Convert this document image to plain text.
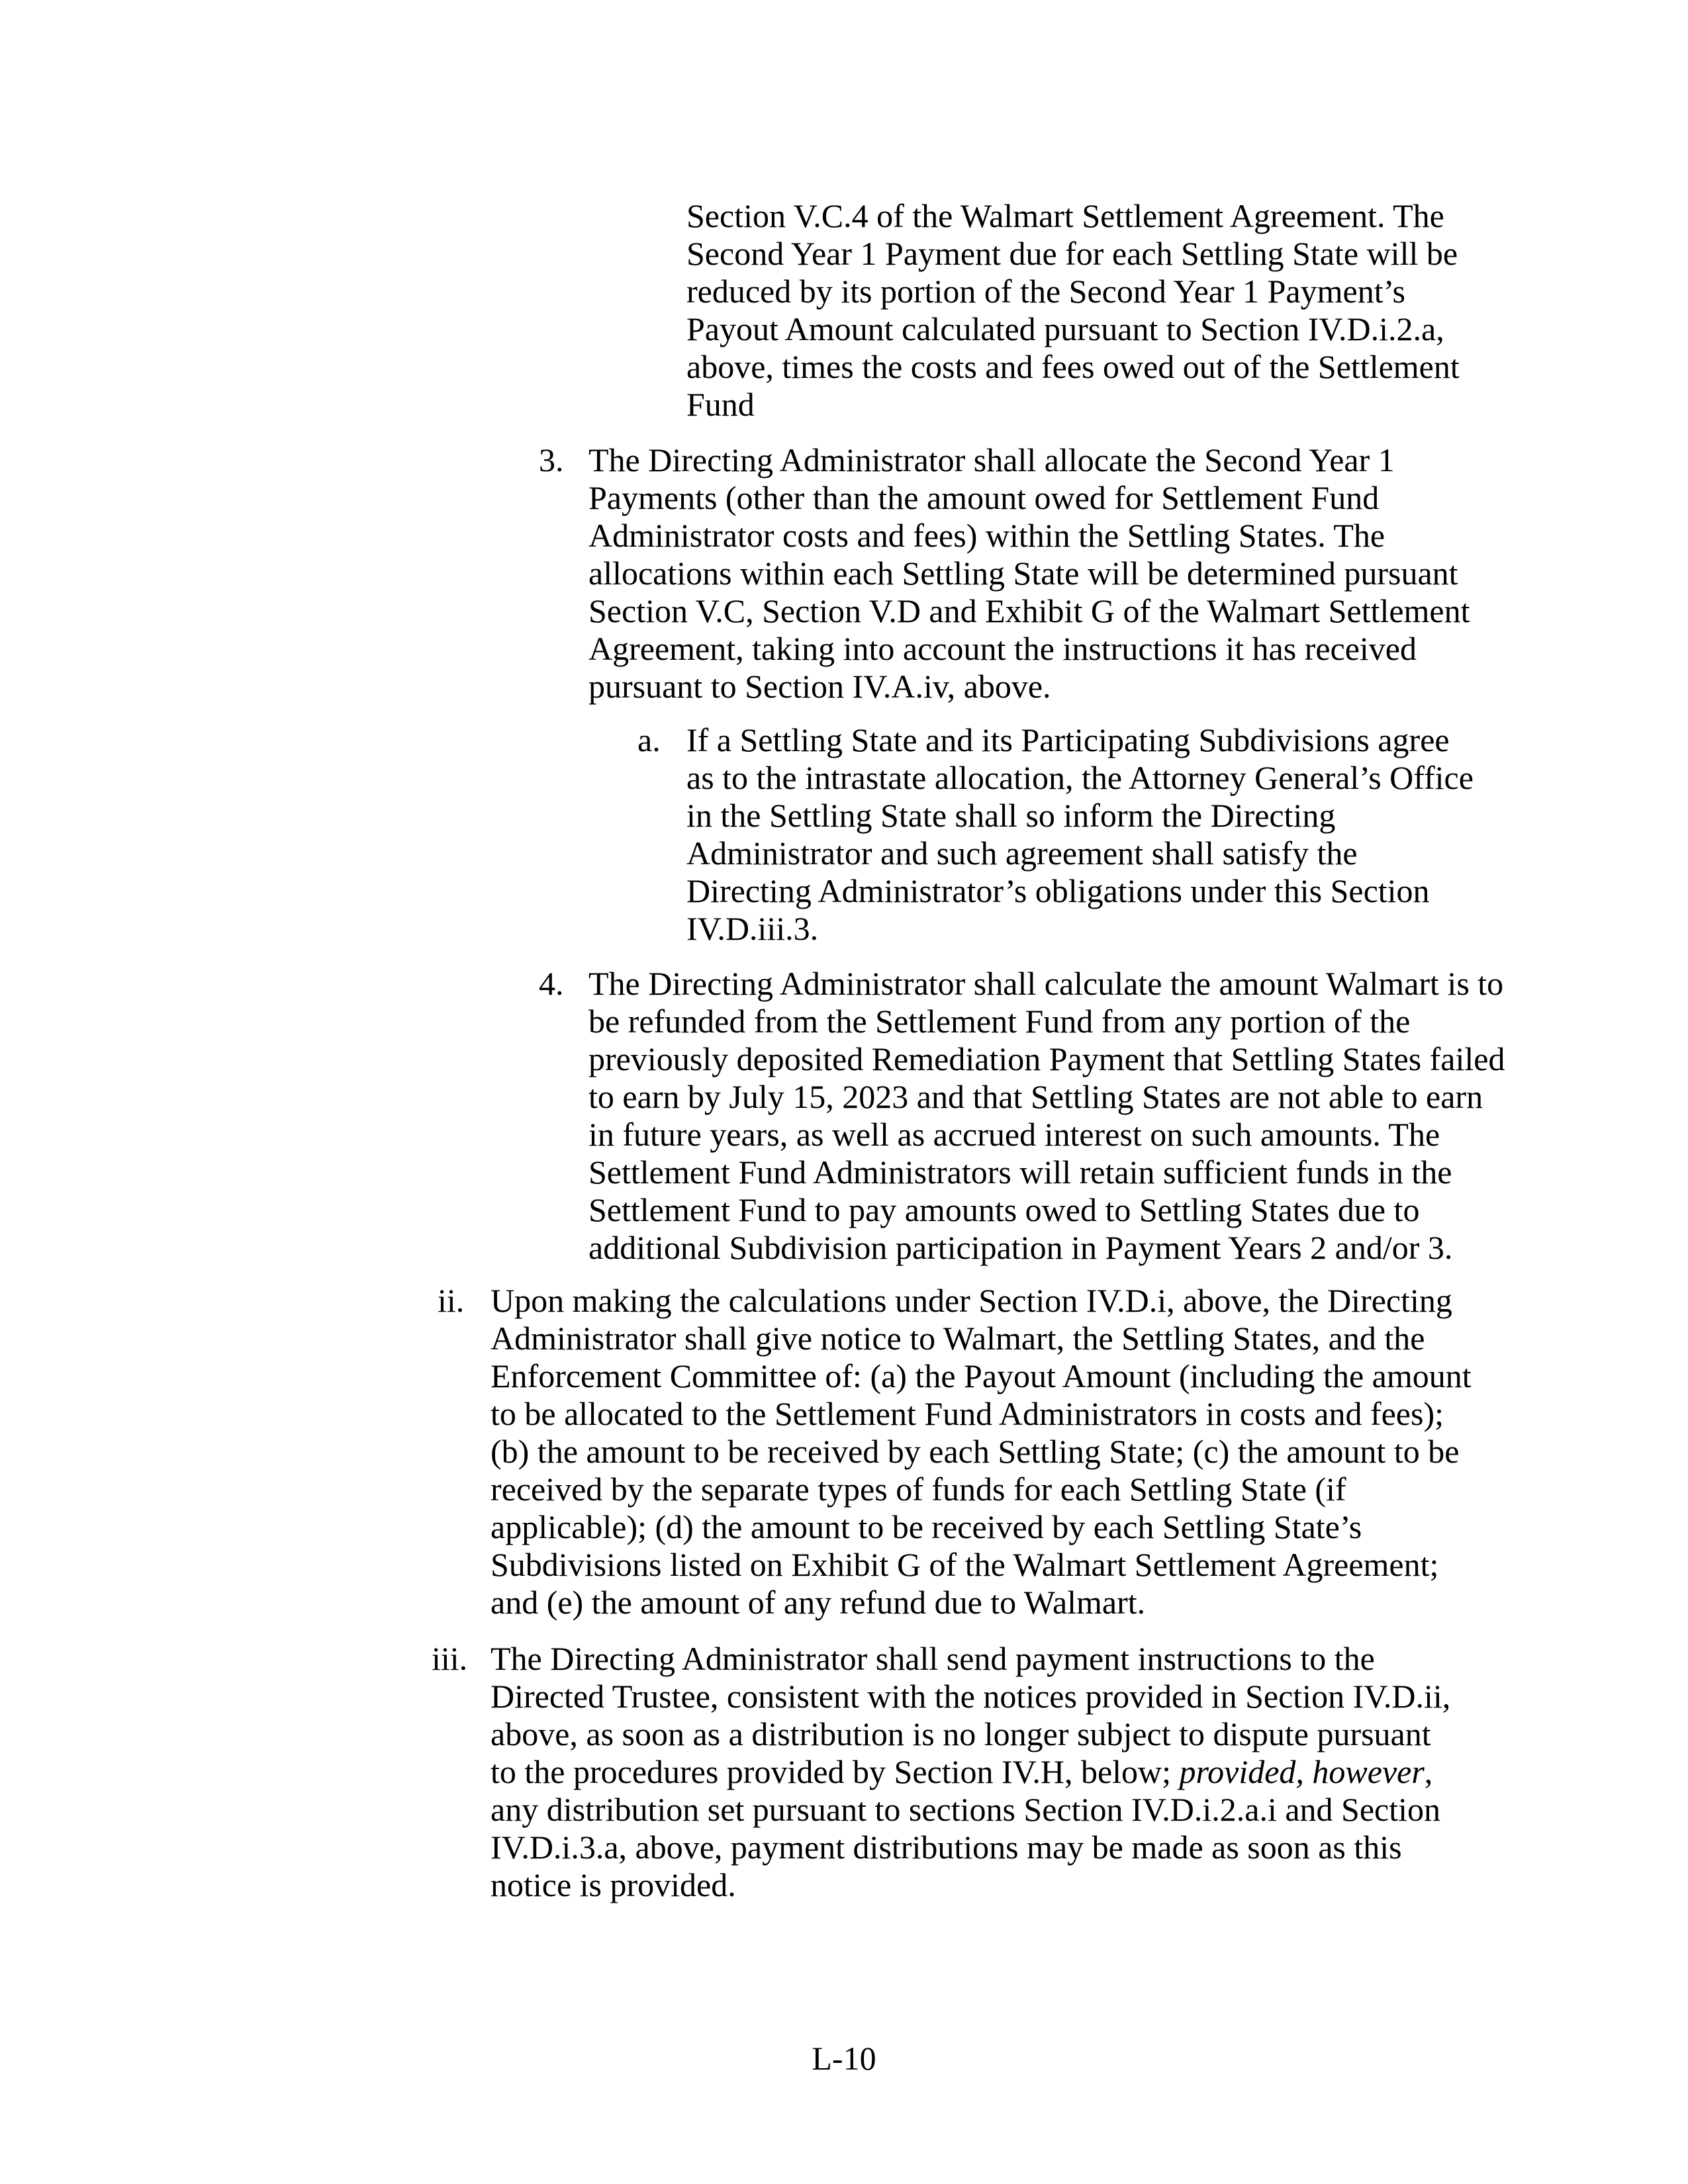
Section V.C.4 of the Walmart Settlement Agreement. The Second Year 1 Payment due for each Settling State will be reduced by its portion of the Second Year 1 Payment’s Payout Amount calculated pursuant to Section IV.D.i.2.a, above, times the costs and fees owed out of the Settlement Fund

3. The Directing Administrator shall allocate the Second Year 1 Payments (other than the amount owed for Settlement Fund Administrator costs and fees) within the Settling States. The allocations within each Settling State will be determined pursuant Section V.C, Section V.D and Exhibit G of the Walmart Settlement Agreement, taking into account the instructions it has received pursuant to Section IV.A.iv, above.

a. If a Settling State and its Participating Subdivisions agree as to the intrastate allocation, the Attorney General’s Office in the Settling State shall so inform the Directing Administrator and such agreement shall satisfy the Directing Administrator’s obligations under this Section IV.D.iii.3.

4. The Directing Administrator shall calculate the amount Walmart is to be refunded from the Settlement Fund from any portion of the previously deposited Remediation Payment that Settling States failed to earn by July 15, 2023 and that Settling States are not able to earn in future years, as well as accrued interest on such amounts. The Settlement Fund Administrators will retain sufficient funds in the Settlement Fund to pay amounts owed to Settling States due to additional Subdivision participation in Payment Years 2 and/or 3.

ii. Upon making the calculations under Section IV.D.i, above, the Directing Administrator shall give notice to Walmart, the Settling States, and the Enforcement Committee of: (a) the Payout Amount (including the amount to be allocated to the Settlement Fund Administrators in costs and fees); (b) the amount to be received by each Settling State; (c) the amount to be received by the separate types of funds for each Settling State (if applicable); (d) the amount to be received by each Settling State’s Subdivisions listed on Exhibit G of the Walmart Settlement Agreement; and (e) the amount of any refund due to Walmart.

iii. The Directing Administrator shall send payment instructions to the Directed Trustee, consistent with the notices provided in Section IV.D.ii, above, as soon as a distribution is no longer subject to dispute pursuant to the procedures provided by Section IV.H, below; provided, however, any distribution set pursuant to sections Section IV.D.i.2.a.i and Section IV.D.i.3.a, above, payment distributions may be made as soon as this notice is provided.

L-10
